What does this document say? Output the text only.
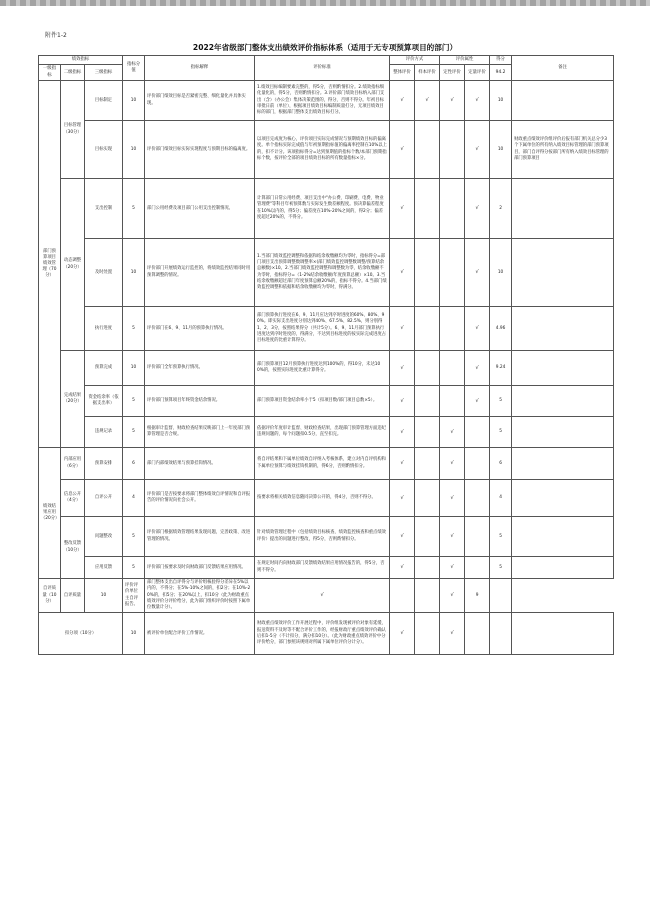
附件1-2
2022年省级部门整体支出绩效评价指标体系（适用于无专项预算项目的部门）
绩效指标			指标分值	指标解释	评价标准	评价方式		评价属性		得分	备注
一级指标	二级指标	三级指标				整体评价	样本评价	定性评价	定量评价	94.2	
部门预算项目绩效管理（70分）	目标管理（30分）	目标制定	10	评价部门绩效目标是否紧密完整、细化量化并具体实现。	1.绩效目标编制要素完整的，得5分，否则酌情扣分。2.绩效指标细化量化的，得5分，否则酌情扣分。3.评价部门绩效目标纳入部门支出（含）（办公会）集体决策范围的，得分，否则不得分。年初目标审批日前（单位），根据项目绩效目标编制质量打分，无项目绩效目标的部门，根据部门整体支出绩效目标打分。	√	√	√	√	10	
		目标实现	10	评价部门绩效目标实际实现程度与预期目标的偏离度。	以项目完成度为核心，评价项目实际完成情况与预期绩效目标的偏离度。单个指标实际完成值与年初预期指标值的偏离率控制在10%以上的，扣不计分。该项指标得分=达到预期值的指标个数/本部门预期指标个数，按评价全部的项目绩效目标的所有数量指标×分。	√			√	10	财政重点绩效评价组评价后报有部门机关总分少3个下属单位的所有纳入绩效目标管理的部门预算项目，部门自评得分按部门所有纳入绩效目标管理的部门预算项目
	动态调整（20分）	支出控制	5	部门公用经费及项目部门公用支出控制情况。	计算部门日常公用经费、项目支出中"办公费、印刷费、电费、物业管理费"等科目年初预算数与实际发生数差额程度。预决算偏差程度在10%以内的，得5分；偏差度在10%-20%之间的，得2分；偏差度超过20%的，不得分。	√			√	2	
		及时处置	10	评价部门开展绩效运行监控的，将绩效监控结果同时用预算调整的情况。	1.当部门绩效监控调整和依据和结余收缴额均为零时，指标得分=部门项目支出预算调整数调整率×(部门绩效监控调整数调整/预算结余总额数)×10。2.当部门绩效监控调整和调整数为零，结余收缴额不为零时，指标得分=（1-2%结余收缴额/年度预算总额）×10。3.当结余收缴额超过部门年度预算总额20%的，指标不得分。4.当部门绩效监控调整和依据和结余收缴额均为零时，得满分。	√			√	10	
		执行进度	5	评价部门在6、9、11月的预算执行情况。	部门预算执行进度在6、9、11月应达到序时进度的60%、80%、90%。即实际支出进度分别达到40%、67.5%、82.5%，则分别得1、2、3分，按照结果得分（共计5分）。6、9、11月部门预算执行进度达到序时进度的，得满分，不达到目标进度的按实际完成进度占目标进度的比重计算得分。	√			√	4.96	
	完成结果（20分）	预算完成	10	评价部门全年预算执行情况。	部门预算项目12月预算执行进度达到100%的，得10分，未达100%的，按照实际进度比重计算得分。	√			√	9.24	
		资金结余率（依据支出率）	5	评价部门预算项目年终资金结余情况。	部门预算项目资金结余率小于5（扣项目数/部门项目总数×5）。	√			√	5	
		违规记录	5	根据审计监督、财政检查结果反映部门上一年度部门预算管理是否合规。	依据评价年度审计监督、财政检查结果，出现部门预算管理方面违纪违规问题的，每个问题扣0.5分，直至扣完。	√		√		5	
绩效结果应用（20分）	内部应用（6分）	预算安排	6	部门内部绩效结果与预算挂钩情况。	将自评结果和下属单位绩效自评纳入考核体系，建立对内自评机构和下属单位预算与绩效挂钩机制的，得6分，否则酌情扣分。	√		√		6	
	信息公开（4分）	自评公开	4	评价部门是否按要求将部门整体绩效自评情况和自评报告的评价情况向社会公开。	按要求将相关绩效信息随同决算公开的，得4分，否则不得分。	√		√		4	
	整改反馈（10分）	问题整改	5	评价部门根据绩效管理结果发现问题，完善政策、改进管理的情况。	针对绩效管理过程中（包括绩效目标核查、绩效监控核查和重点绩效评价）提出的问题进行整改，得5分，否则酌情扣分。	√		√		5	
		应用反馈	5	评价部门按要求及时向财政部门反馈结果应用情况。	在规定时间内向财政部门反馈绩效结果应用情况报告的，得5分，否则不得分。	√		√		5	
自评质量（10分）	自评质量	10	评价评价单位主自评报告。	部门整体支出自评得分与评价组核验得分差异在5%以内的，不得分；在5%-10%之间的，扣2分；在10%-20%的，扣5分；在20%以上，扣10分（此为财政重点绩效评价分评价给分，此为部门组织评价时按照下属单位数量计分）。	√			√	9		
扣分项（10分）			10	被评价单位配合评价工作情况。	财政重点绩效评价工作开展过程中，评价组发现被评价对象有延缓、报送资料不及时等不配合评价工作的，经报财政厅重点绩效评价确认后扣1-5分（不计扣分，满分扣10分）。（此为财政重点绩效评价中分评价给分，部门参照该规则对所属下属单位评价分计分）。	√		√			
